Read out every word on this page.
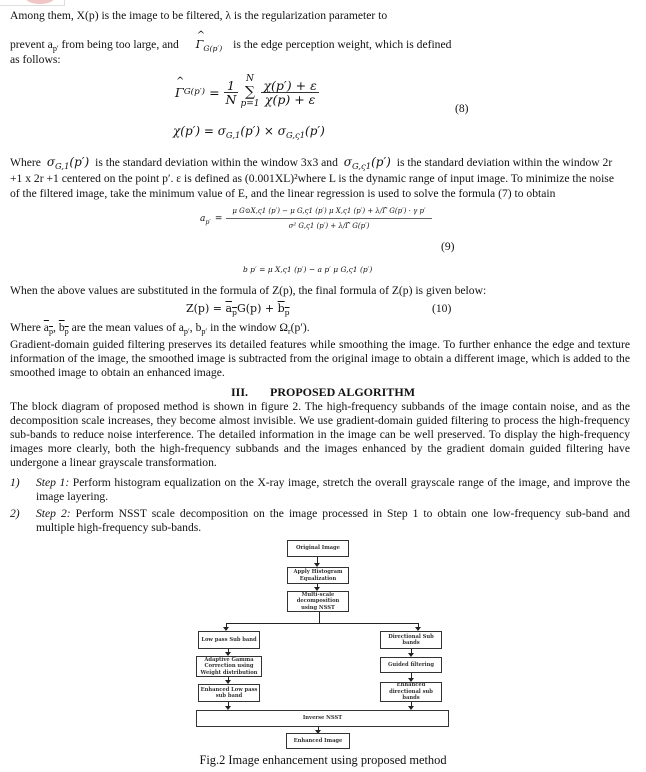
Among them, X(p) is the image to be filtered, λ is the regularization parameter to
prevent $a_{p'}$ from being too large, and ^ $\Gamma_{G(p')}$ is the edge perception weight, which is defined
as follows:
^ Γ $G(p') = \frac{1}{N}$ N
∑
$p=1 \frac{\chi(p') + \varepsilon}{\chi(p) + \varepsilon}$
(8)
$\chi(p') = \sigma_{G,1}(p') \times \sigma_{G,\varsigma 1}(p')$
Where $\sigma_{G,1}(p')$ is the standard deviation within the window 3x3 and $\sigma_{G,\varsigma 1}(p')$ is the standard deviation within the window 2r
+1 x 2r +1 centered on the point p′. ε is defined as (0.001XL)²where L is the dynamic range of input image. To minimize the noise
of the filtered image, take the minimum value of E, and the linear regression is used to solve the formula (7) to obtain
$a_{p'} = \frac{\text{μ G⊙X,ς1 (p′) − μ G,ς1 (p′) μ X,ς1 (p′) + λ/Γ̂ G(p′) · γ p′}}{\text{σ² G,ς1 (p′) + λ/Γ̂ G(p′)}}$
(9)
b p′ = μ X,ς1 (p′) − a p′ μ G,ς1 (p′)
When the above values are substituted in the formula of Z(p), the final formula of Z(p) is given below:
$Z(p) = a_pG(p) + b_p$	(10)
Where $a_p$, $b_p$ are the mean values of $a_{p'}$, $b_{p'}$ in the window $\Omega_r(p')$.
Gradient-domain guided filtering preserves its detailed features while smoothing the image. To further enhance the edge and texture information of the image, the smoothed image is subtracted from the original image to obtain a different image, which is added to the smoothed image to obtain an enhanced image.
III. PROPOSED ALGORITHM
The block diagram of proposed method is shown in figure 2. The high-frequency subbands of the image contain noise, and as the decomposition scale increases, they become almost invisible. We use gradient-domain guided filtering to process the high-frequency sub-bands to reduce noise interference. The detailed information in the image can be well preserved. To display the high-frequency images more clearly, both the high-frequency subbands and the images enhanced by the gradient domain guided filtering have undergone a linear grayscale transformation.
1) Step 1: Perform histogram equalization on the X-ray image, stretch the overall grayscale range of the image, and improve the image layering.
2) Step 2: Perform NSST scale decomposition on the image processed in Step 1 to obtain one low-frequency sub-band and multiple high-frequency sub-bands.
Original Image
Apply Histogram Equalization
Multi-scale decomposition using NSST
Low pass Sub band
Adaptive Gamma Correction using Weight distribution
Enhanced Low pass sub band
Directional Sub bands
Guided filtering
Enhanced directional sub bands
Inverse NSST
Enhanced Image
Fig.2 Image enhancement using proposed method
